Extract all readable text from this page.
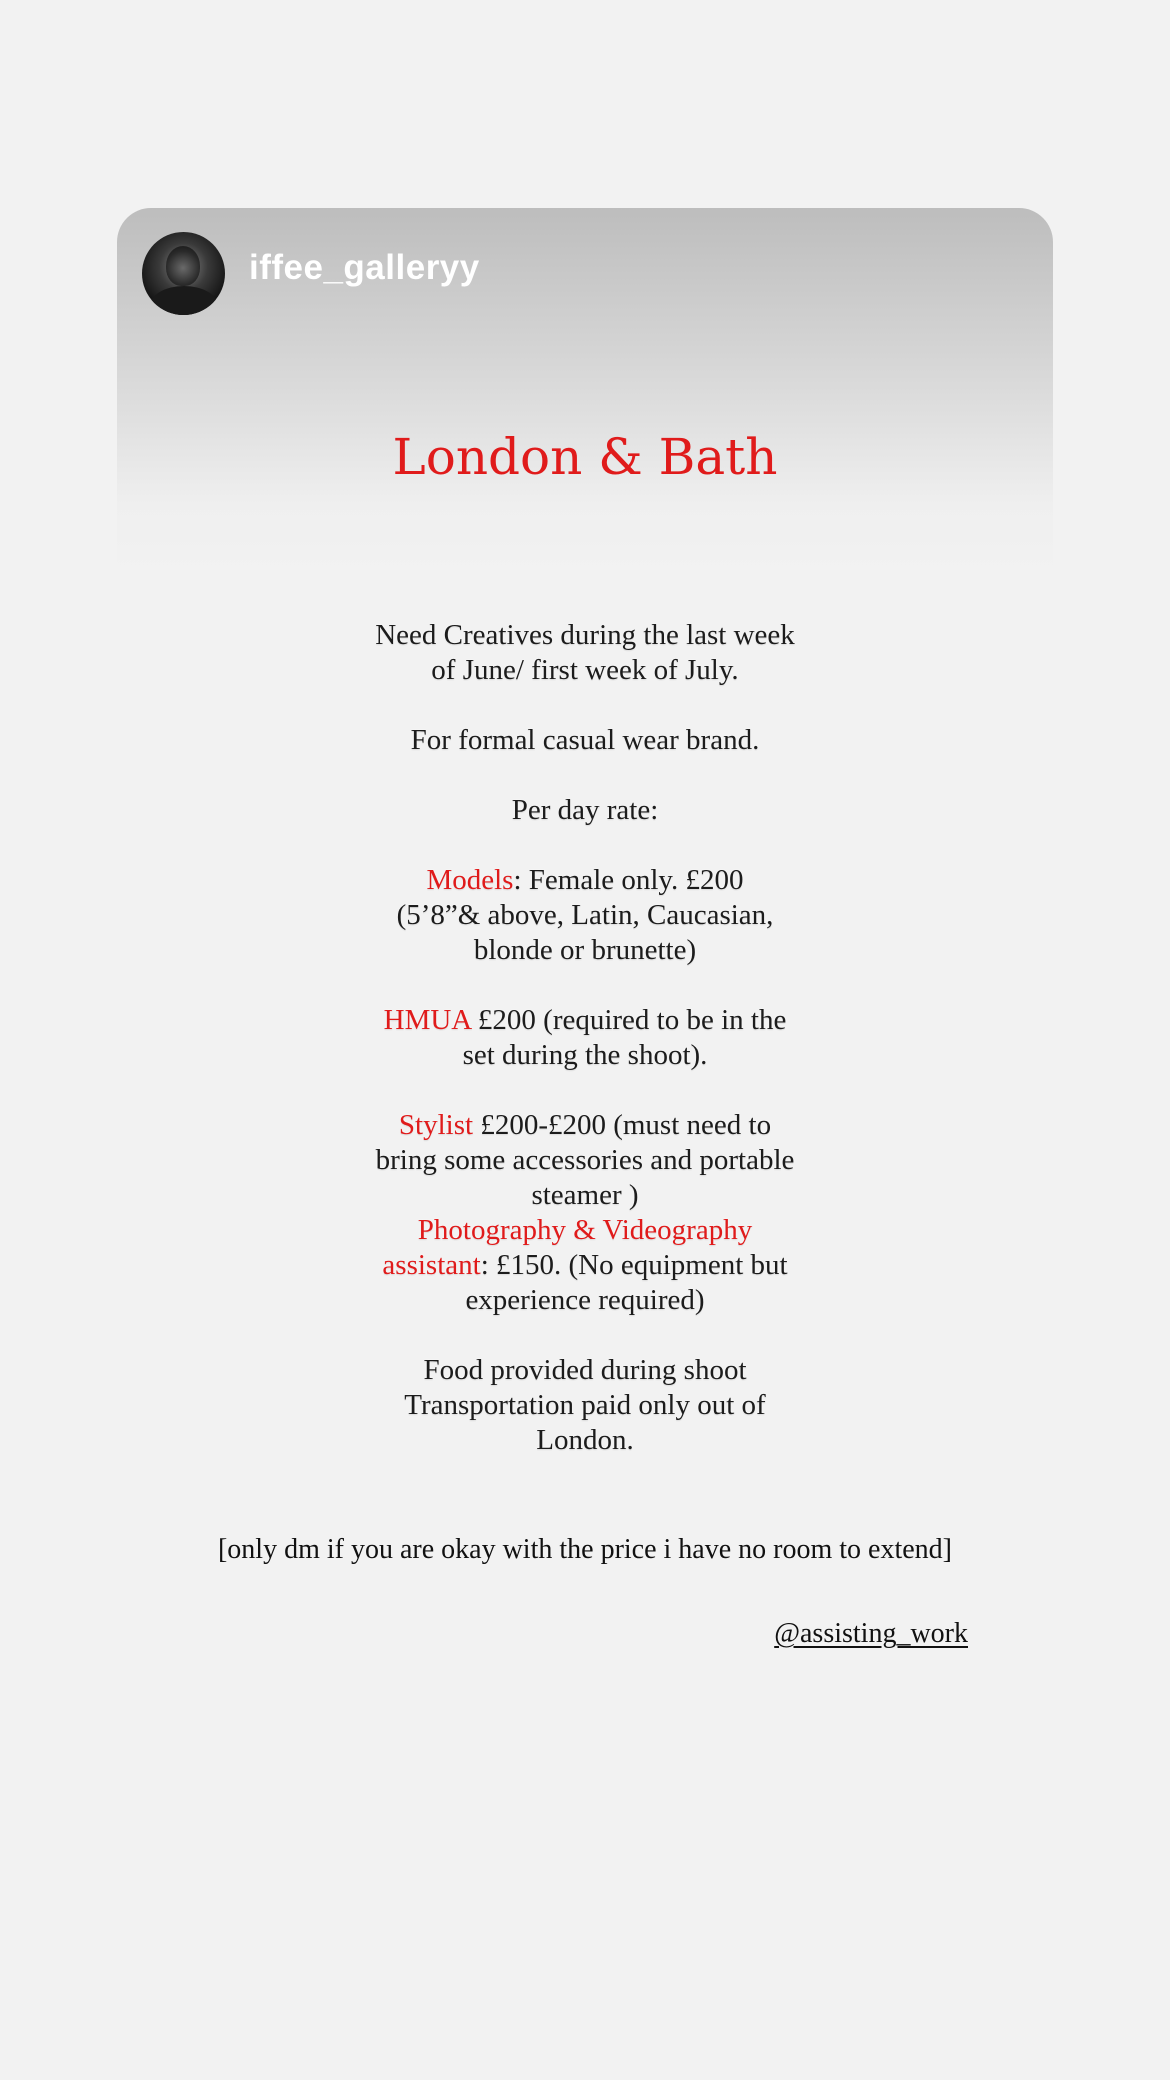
iffee_galleryy
London & Bath

Need Creatives during the last week

of June/ first week of July.

For formal casual wear brand.

Per day rate:

Models: Female only. £200

(5’8”& above, Latin, Caucasian,

blonde or brunette)

HMUA £200 (required to be in the

set during the shoot).

Stylist £200-£200 (must need to

bring some accessories and portable

steamer )

Photography & Videography

assistant: £150. (No equipment but

experience required)

Food provided during shoot

Transportation paid only out of

London.

[only dm if you are okay with the price i have no room to extend]
@assisting_work
